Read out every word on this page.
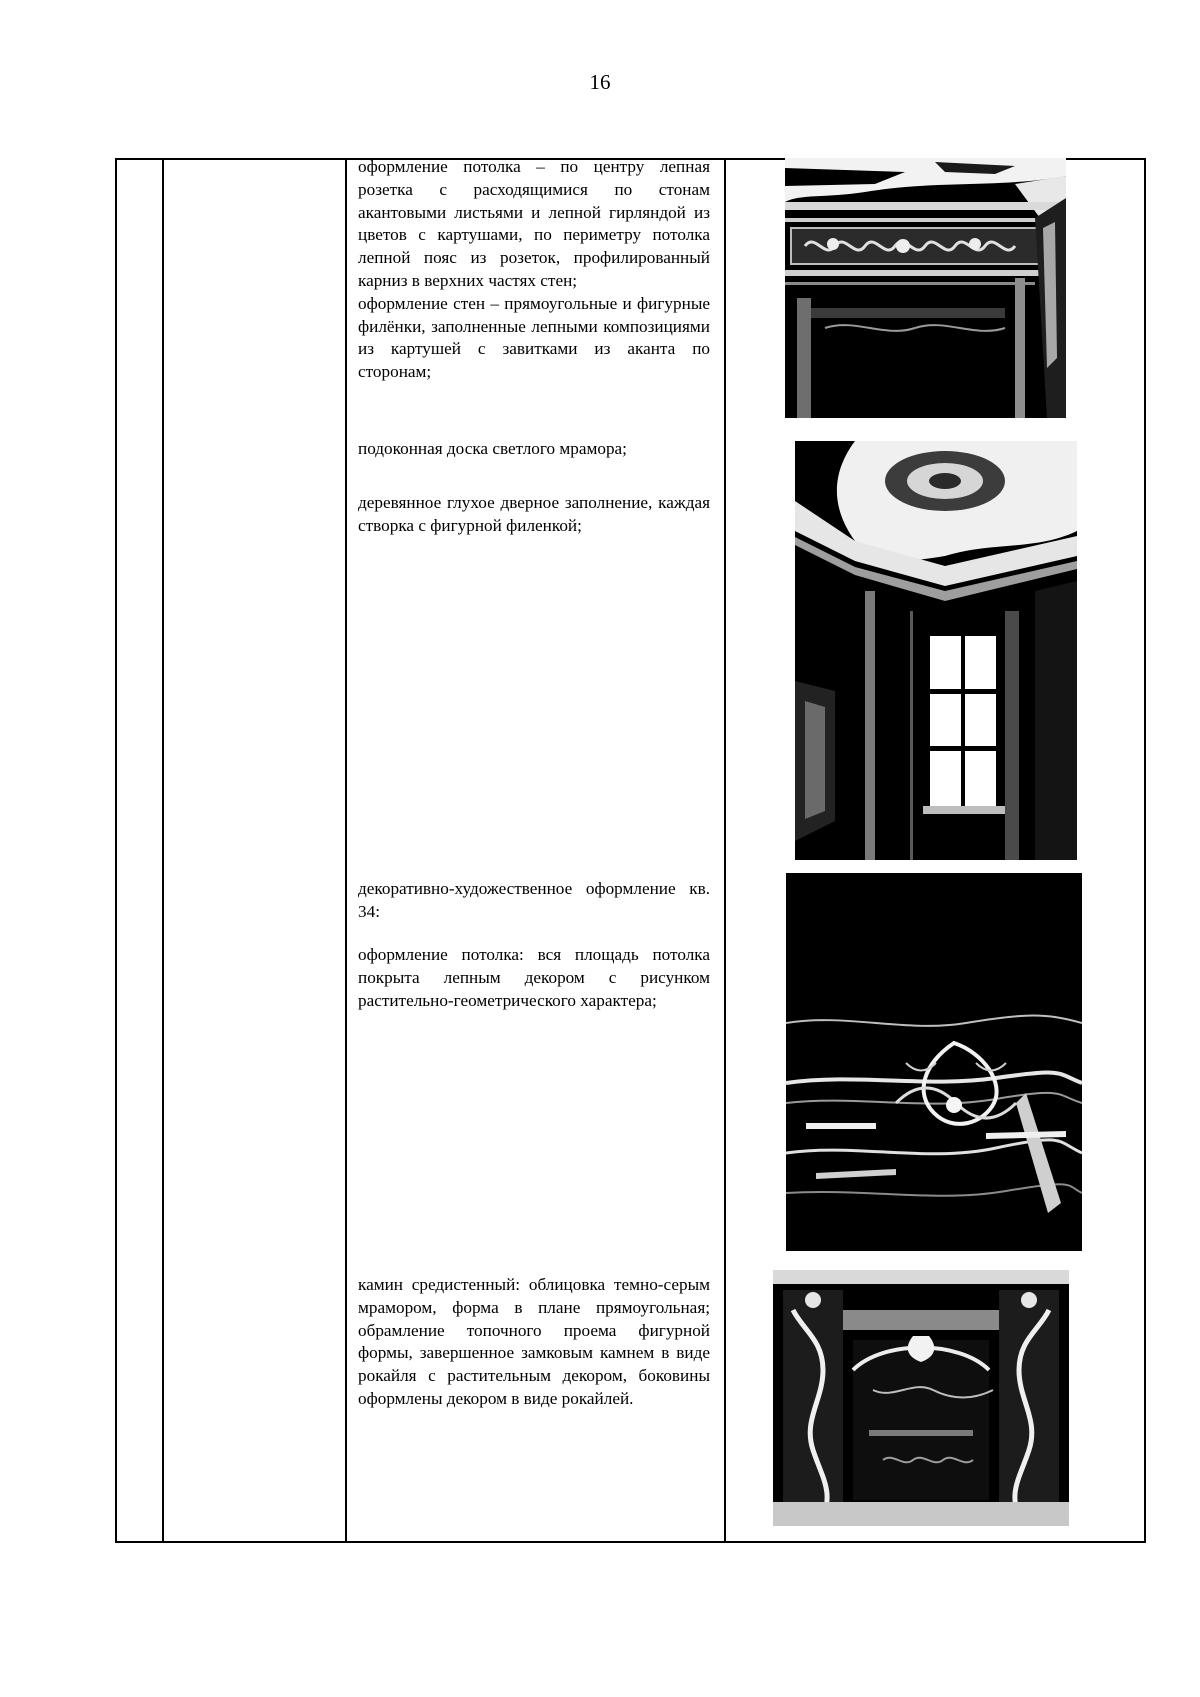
16

оформление потолка – по центру лепная розетка с расходящимися по стонам акантовыми листьями и лепной гирляндой из цветов с картушами, по периметру потолка лепной пояс из розеток, профилированный карниз в верхних частях стен;

оформление стен – прямоугольные и фигурные филёнки, заполненные лепными композициями из картушей с завитками из аканта по сторонам;

подоконная доска светлого мрамора;

деревянное глухое дверное заполнение, каждая створка с фигурной филенкой;

декоративно-художественное оформление кв. 34:

оформление потолка: вся площадь потолка покрыта лепным декором с рисунком растительно-геометрического характера;

камин средистенный: облицовка темно-серым мрамором, форма в плане прямоугольная; обрамление топочного проема фигурной формы, завершенное замковым камнем в виде рокайля с растительным декором, боковины оформлены декором в виде рокайлей.
